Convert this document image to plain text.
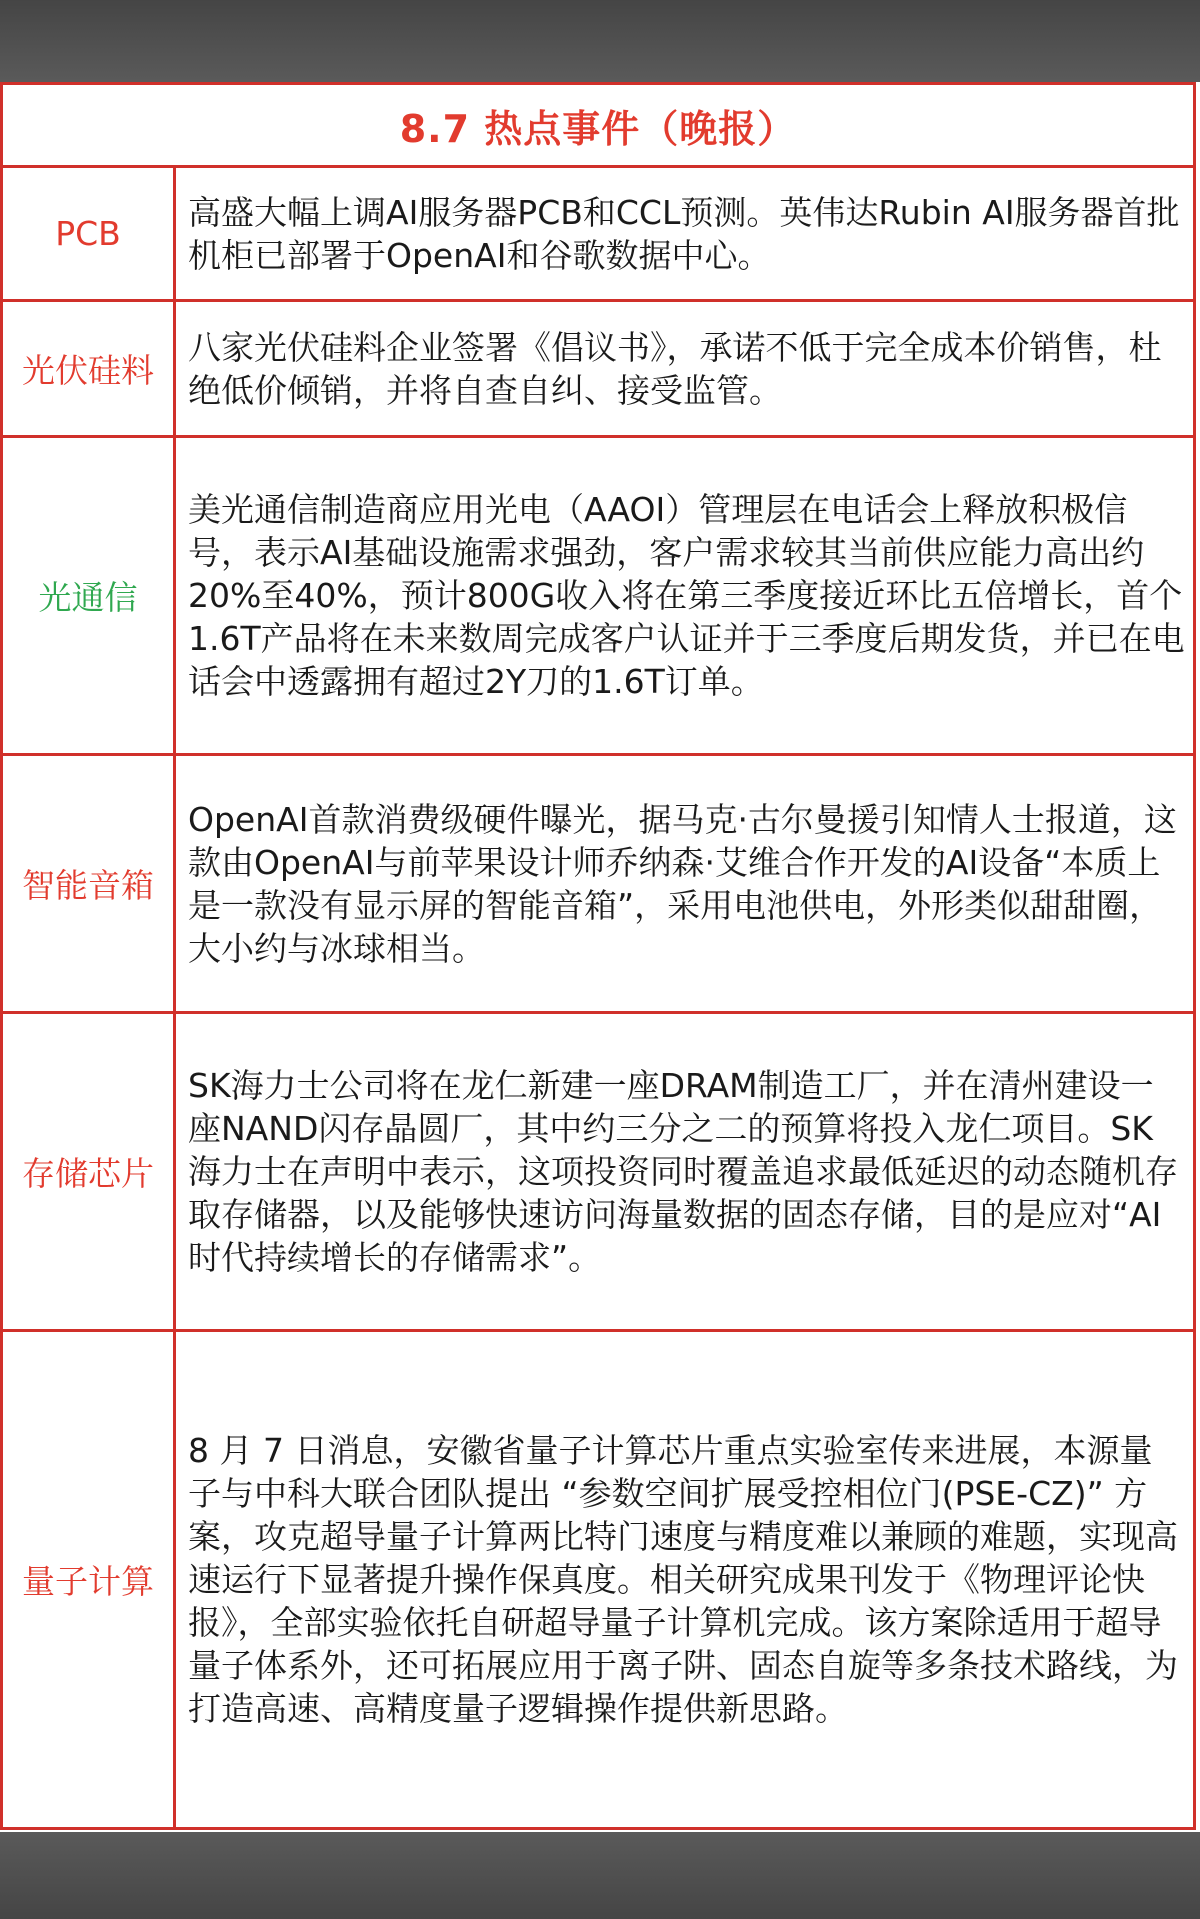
8.7 热点事件（晚报）
PCB

高盛大幅上调AI服务器PCB和CCL预测。英伟达Rubin AI服务器首批机柜已部署于OpenAI和谷歌数据中心。

光伏硅料

八家光伏硅料企业签署《倡议书》，承诺不低于完全成本价销售，杜绝低价倾销，并将自查自纠、接受监管。

光通信

美光通信制造商应用光电（AAOI）管理层在电话会上释放积极信号，表示AI基础设施需求强劲，客户需求较其当前供应能力高出约20%至40%，预计800G收入将在第三季度接近环比五倍增长，首个1.6T产品将在未来数周完成客户认证并于三季度后期发货，并已在电话会中透露拥有超过2Y刀的1.6T订单。

智能音箱

OpenAI首款消费级硬件曝光，据马克·古尔曼援引知情人士报道，这款由OpenAI与前苹果设计师乔纳森·艾维合作开发的AI设备“本质上是一款没有显示屏的智能音箱”，采用电池供电，外形类似甜甜圈，大小约与冰球相当。

存储芯片

SK海力士公司将在龙仁新建一座DRAM制造工厂，并在清州建设一座NAND闪存晶圆厂，其中约三分之二的预算将投入龙仁项目。SK海力士在声明中表示，这项投资同时覆盖追求最低延迟的动态随机存取存储器，以及能够快速访问海量数据的固态存储，目的是应对“AI时代持续增长的存储需求”。

量子计算

8 月 7 日消息，安徽省量子计算芯片重点实验室传来进展，本源量子与中科大联合团队提出 “参数空间扩展受控相位门(PSE-CZ)” 方案，攻克超导量子计算两比特门速度与精度难以兼顾的难题，实现高速运行下显著提升操作保真度。相关研究成果刊发于《物理评论快报》，全部实验依托自研超导量子计算机完成。该方案除适用于超导量子体系外，还可拓展应用于离子阱、固态自旋等多条技术路线，为打造高速、高精度量子逻辑操作提供新思路。
